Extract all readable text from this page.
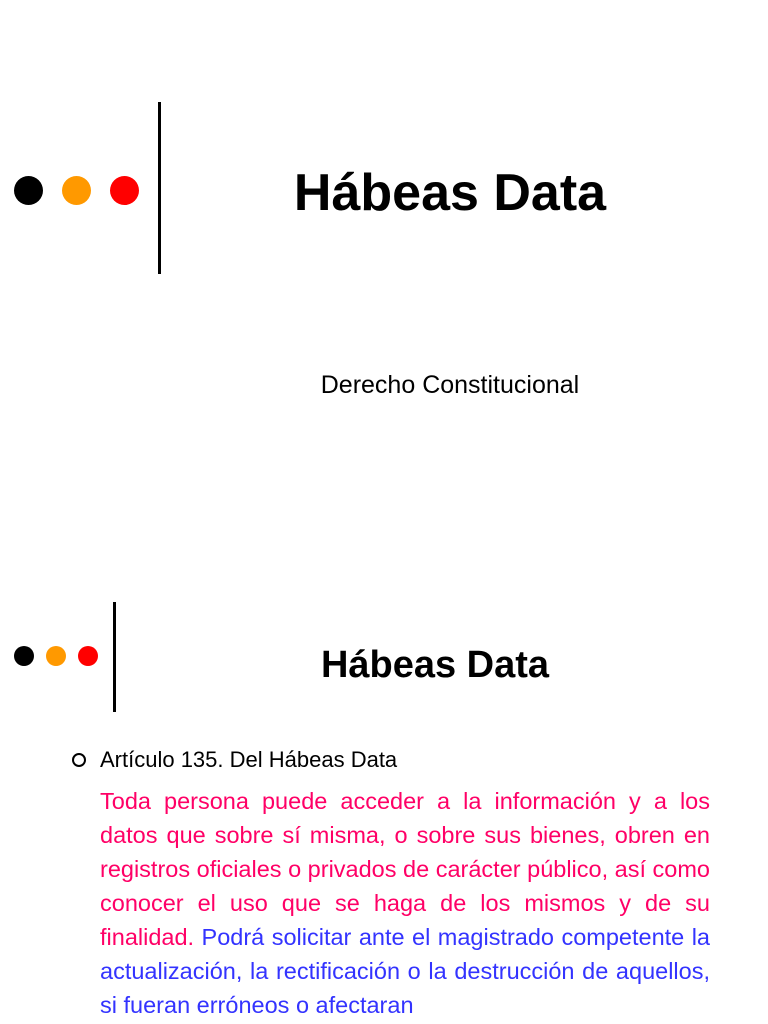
Hábeas Data
Derecho Constitucional
Hábeas Data
Artículo 135. Del Hábeas Data
Toda persona puede acceder a la información y a los datos que sobre sí misma, o sobre sus bienes, obren en registros oficiales o privados de carácter público, así como conocer el uso que se haga de los mismos y de su finalidad. Podrá solicitar ante el magistrado competente la actualización, la rectificación o la destrucción de aquellos, si fueran erróneos o afectaran
